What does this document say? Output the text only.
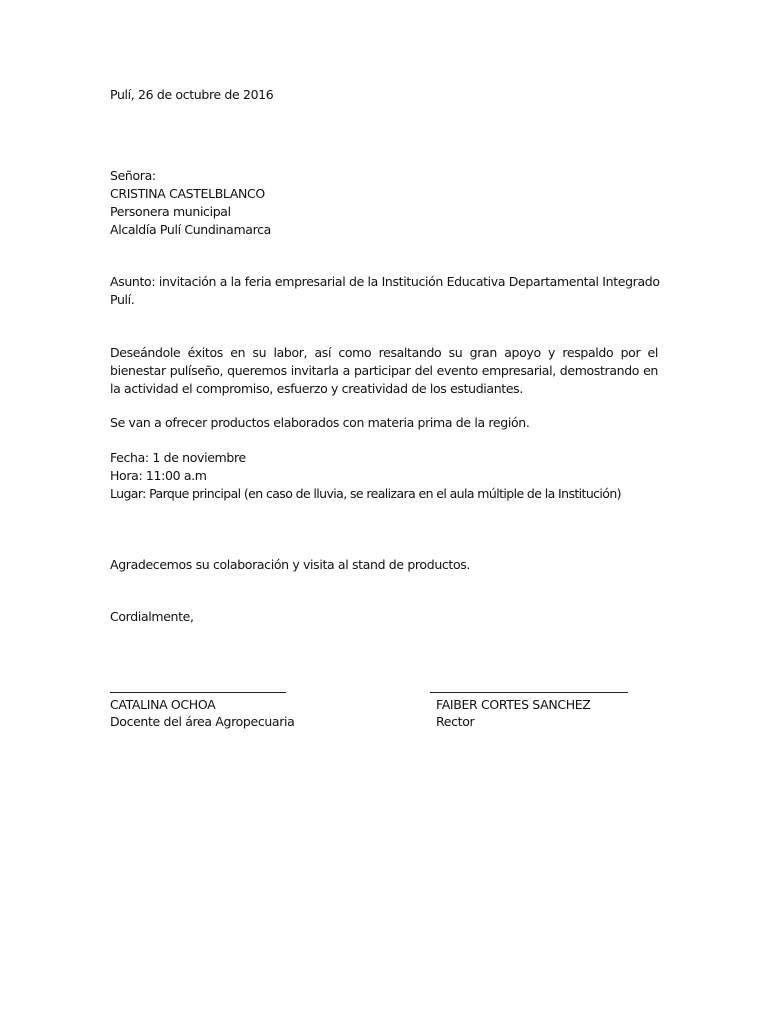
Pulí, 26 de octubre de 2016
Señora:
CRISTINA CASTELBLANCO
Personera municipal
Alcaldía Pulí Cundinamarca
Asunto: invitación a la feria empresarial de la Institución Educativa Departamental Integrado
Pulí.

Deseándole éxitos en su labor, así como resaltando su gran apoyo y respaldo por el bienestar pulíseño, queremos invitarla a participar del evento empresarial, demostrando en la actividad el compromiso, esfuerzo y creatividad de los estudiantes.

Se van a ofrecer productos elaborados con materia prima de la región.
Fecha: 1 de noviembre
Hora: 11:00 a.m
Lugar: Parque principal (en caso de lluvia, se realizara en el aula múltiple de la Institución)
Agradecemos su colaboración y visita al stand de productos.
Cordialmente,
CATALINA OCHOA
Docente del área Agropecuaria
FAIBER CORTES SANCHEZ
Rector
